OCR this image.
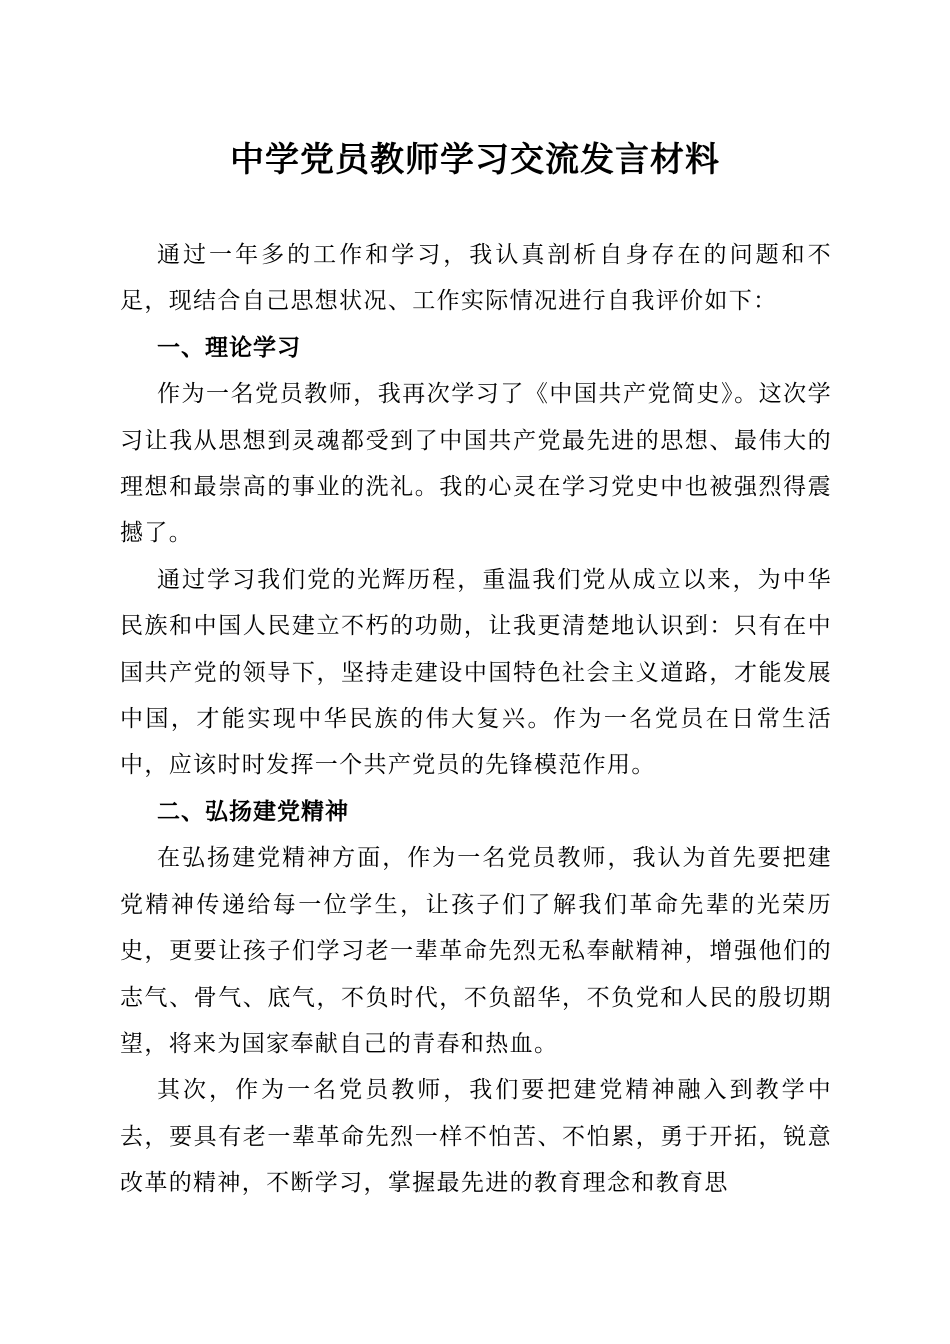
中学党员教师学习交流发言材料

通过一年多的工作和学习，我认真剖析自身存在的问题和不足，现结合自己思想状况、工作实际情况进行自我评价如下：

一、理论学习

作为一名党员教师，我再次学习了《中国共产党简史》。这次学习让我从思想到灵魂都受到了中国共产党最先进的思想、最伟大的理想和最崇高的事业的洗礼。我的心灵在学习党史中也被强烈得震撼了。

通过学习我们党的光辉历程，重温我们党从成立以来，为中华民族和中国人民建立不朽的功勋，让我更清楚地认识到：只有在中国共产党的领导下，坚持走建设中国特色社会主义道路，才能发展中国，才能实现中华民族的伟大复兴。作为一名党员在日常生活中，应该时时发挥一个共产党员的先锋模范作用。

二、弘扬建党精神

在弘扬建党精神方面，作为一名党员教师，我认为首先要把建党精神传递给每一位学生，让孩子们了解我们革命先辈的光荣历史，更要让孩子们学习老一辈革命先烈无私奉献精神，增强他们的志气、骨气、底气，不负时代，不负韶华，不负党和人民的殷切期望，将来为国家奉献自己的青春和热血。

其次，作为一名党员教师，我们要把建党精神融入到教学中去，要具有老一辈革命先烈一样不怕苦、不怕累，勇于开拓，锐意改革的精神，不断学习，掌握最先进的教育理念和教育思
